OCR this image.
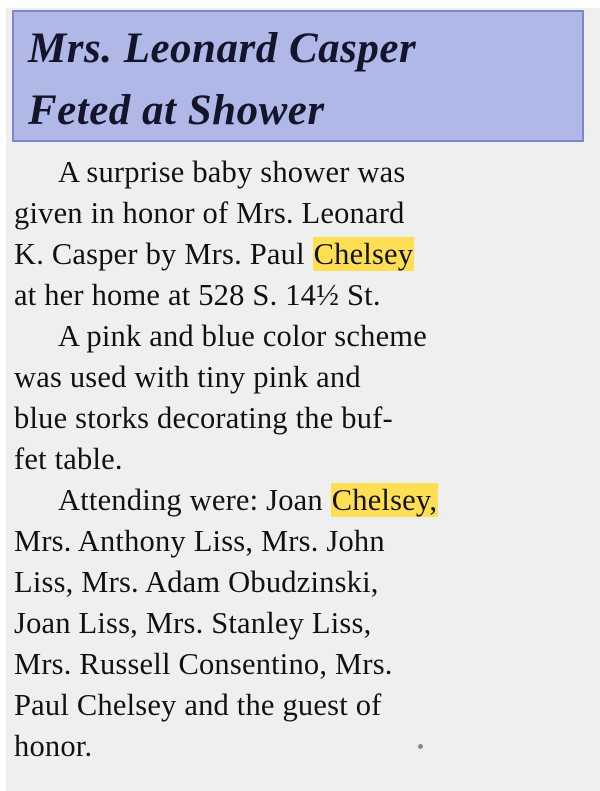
Mrs. Leonard Casper
Feted at Shower
A surprise baby shower was
given in honor of Mrs. Leonard
K. Casper by Mrs. Paul Chelsey
at her home at 528 S. 14½ St.
A pink and blue color scheme
was used with tiny pink and
blue storks decorating the buf-
fet table.
Attending were: Joan Chelsey,
Mrs. Anthony Liss, Mrs. John
Liss, Mrs. Adam Obudzinski,
Joan Liss, Mrs. Stanley Liss,
Mrs. Russell Consentino, Mrs.
Paul Chelsey and the guest of
honor.
